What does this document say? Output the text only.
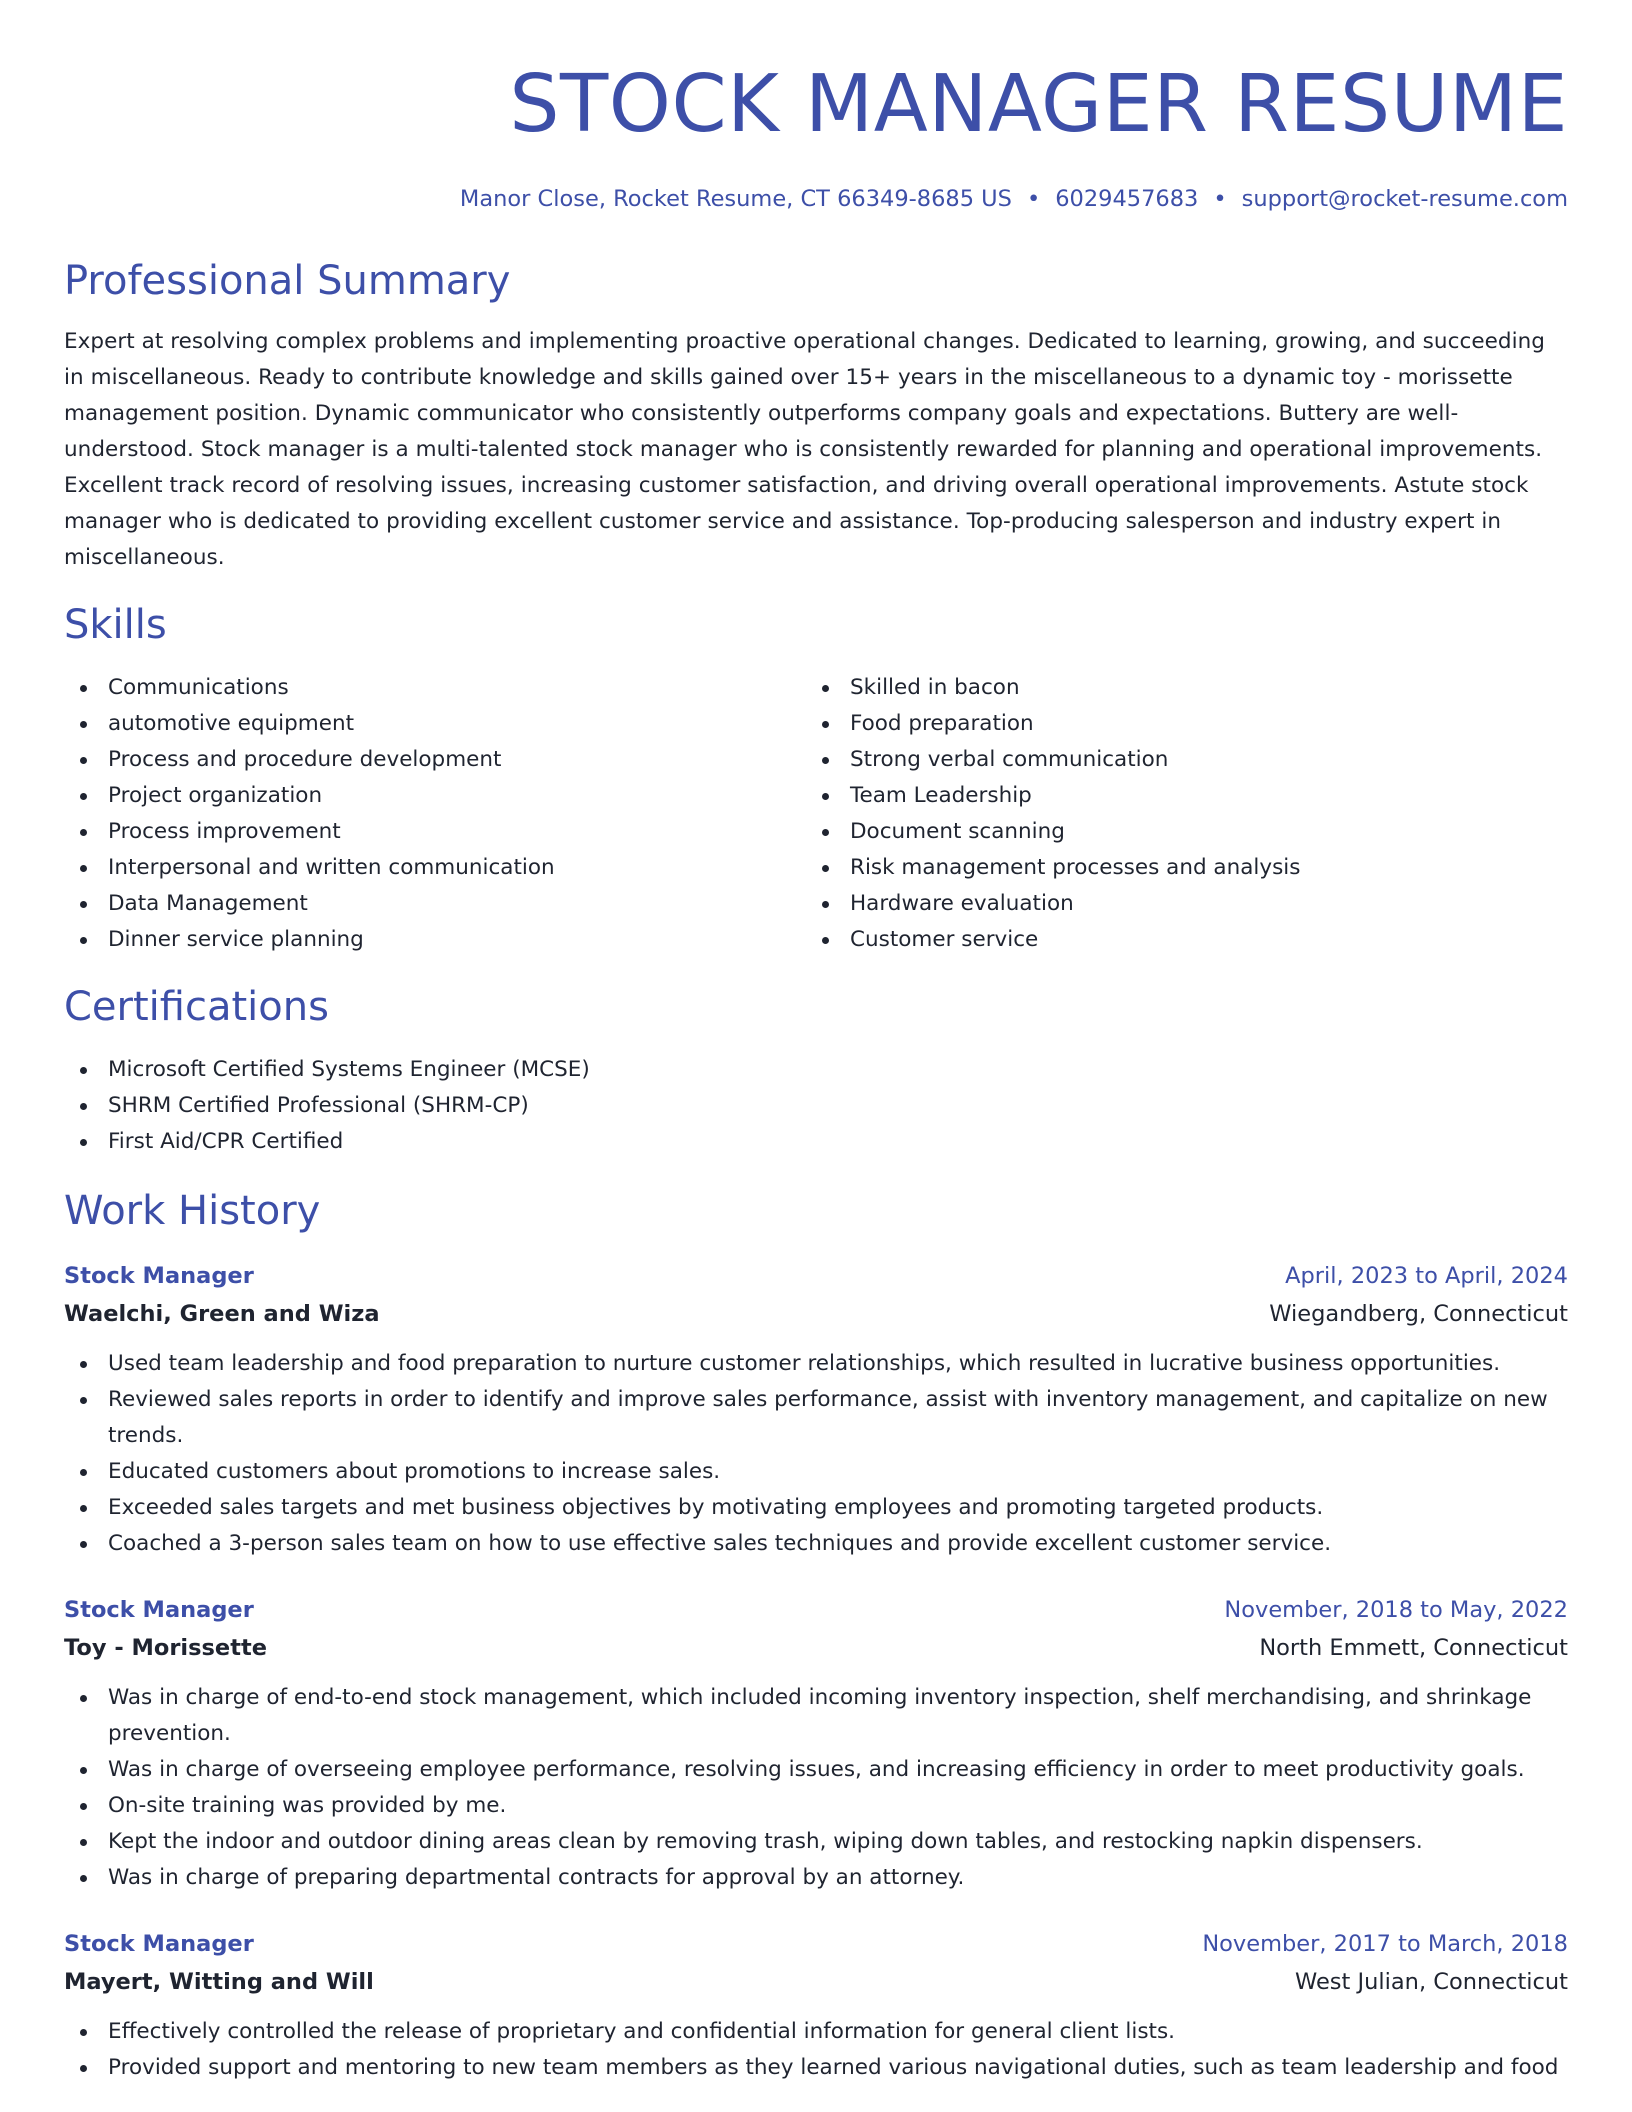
STOCK MANAGER RESUME
Manor Close, Rocket Resume, CT 66349-8685 US • 6029457683 • support@rocket-resume.com
Professional Summary

Expert at resolving complex problems and implementing proactive operational changes. Dedicated to learning, growing, and succeeding in miscellaneous. Ready to contribute knowledge and skills gained over 15+ years in the miscellaneous to a dynamic toy - morissette management position. Dynamic communicator who consistently outperforms company goals and expectations. Buttery are well-understood. Stock manager is a multi-talented stock manager who is consistently rewarded for planning and operational improvements. Excellent track record of resolving issues, increasing customer satisfaction, and driving overall operational improvements. Astute stock manager who is dedicated to providing excellent customer service and assistance. Top-producing salesperson and industry expert in miscellaneous.

Skills
Communications
automotive equipment
Process and procedure development
Project organization
Process improvement
Interpersonal and written communication
Data Management
Dinner service planning
Skilled in bacon
Food preparation
Strong verbal communication
Team Leadership
Document scanning
Risk management processes and analysis
Hardware evaluation
Customer service
Certifications
Microsoft Certified Systems Engineer (MCSE)
SHRM Certified Professional (SHRM-CP)
First Aid/CPR Certified
Work History
Stock Manager	April, 2023 to April, 2024
Waelchi, Green and Wiza	Wiegandberg, Connecticut
Used team leadership and food preparation to nurture customer relationships, which resulted in lucrative business opportunities.
Reviewed sales reports in order to identify and improve sales performance, assist with inventory management, and capitalize on new trends.
Educated customers about promotions to increase sales.
Exceeded sales targets and met business objectives by motivating employees and promoting targeted products.
Coached a 3-person sales team on how to use effective sales techniques and provide excellent customer service.
Stock Manager	November, 2018 to May, 2022
Toy - Morissette	North Emmett, Connecticut
Was in charge of end-to-end stock management, which included incoming inventory inspection, shelf merchandising, and shrinkage prevention.
Was in charge of overseeing employee performance, resolving issues, and increasing efficiency in order to meet productivity goals.
On-site training was provided by me.
Kept the indoor and outdoor dining areas clean by removing trash, wiping down tables, and restocking napkin dispensers.
Was in charge of preparing departmental contracts for approval by an attorney.
Stock Manager	November, 2017 to March, 2018
Mayert, Witting and Will	West Julian, Connecticut
Effectively controlled the release of proprietary and confidential information for general client lists.
Provided support and mentoring to new team members as they learned various navigational duties, such as team leadership and food
